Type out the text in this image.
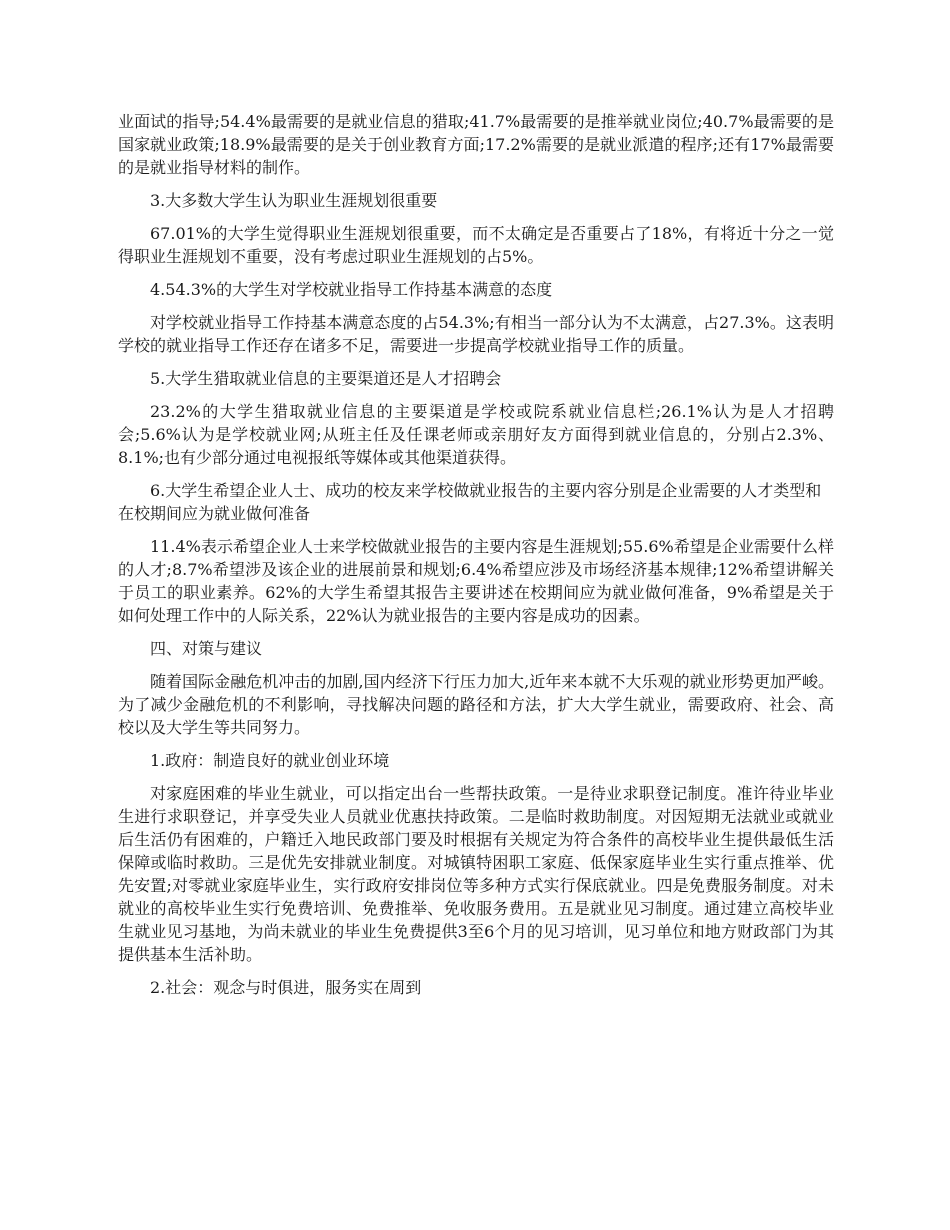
业面试的指导;54.4%最需要的是就业信息的猎取;41.7%最需要的是推举就业岗位;40.7%最需要的是国家就业政策;18.9%最需要的是关于创业教育方面;17.2%需要的是就业派遣的程序;还有17%最需要的是就业指导材料的制作。

3.大多数大学生认为职业生涯规划很重要

67.01%的大学生觉得职业生涯规划很重要，而不太确定是否重要占了18%，有将近十分之一觉得职业生涯规划不重要，没有考虑过职业生涯规划的占5%。

4.54.3%的大学生对学校就业指导工作持基本满意的态度

对学校就业指导工作持基本满意态度的占54.3%;有相当一部分认为不太满意，占27.3%。这表明学校的就业指导工作还存在诸多不足，需要进一步提高学校就业指导工作的质量。

5.大学生猎取就业信息的主要渠道还是人才招聘会

23.2%的大学生猎取就业信息的主要渠道是学校或院系就业信息栏;26.1%认为是人才招聘会;5.6%认为是学校就业网;从班主任及任课老师或亲朋好友方面得到就业信息的，分别占2.3%、8.1%;也有少部分通过电视报纸等媒体或其他渠道获得。

6.大学生希望企业人士、成功的校友来学校做就业报告的主要内容分别是企业需要的人才类型和在校期间应为就业做何准备

11.4%表示希望企业人士来学校做就业报告的主要内容是生涯规划;55.6%希望是企业需要什么样的人才;8.7%希望涉及该企业的进展前景和规划;6.4%希望应涉及市场经济基本规律;12%希望讲解关于员工的职业素养。62%的大学生希望其报告主要讲述在校期间应为就业做何准备，9%希望是关于如何处理工作中的人际关系，22%认为就业报告的主要内容是成功的因素。

四、对策与建议

随着国际金融危机冲击的加剧,国内经济下行压力加大,近年来本就不大乐观的就业形势更加严峻。为了减少金融危机的不利影响，寻找解决问题的路径和方法，扩大大学生就业，需要政府、社会、高校以及大学生等共同努力。

1.政府：制造良好的就业创业环境

对家庭困难的毕业生就业，可以指定出台一些帮扶政策。一是待业求职登记制度。准许待业毕业生进行求职登记，并享受失业人员就业优惠扶持政策。二是临时救助制度。对因短期无法就业或就业后生活仍有困难的，户籍迁入地民政部门要及时根据有关规定为符合条件的高校毕业生提供最低生活保障或临时救助。三是优先安排就业制度。对城镇特困职工家庭、低保家庭毕业生实行重点推举、优先安置;对零就业家庭毕业生，实行政府安排岗位等多种方式实行保底就业。四是免费服务制度。对未就业的高校毕业生实行免费培训、免费推举、免收服务费用。五是就业见习制度。通过建立高校毕业生就业见习基地，为尚未就业的毕业生免费提供3至6个月的见习培训，见习单位和地方财政部门为其提供基本生活补助。

2.社会：观念与时俱进，服务实在周到
